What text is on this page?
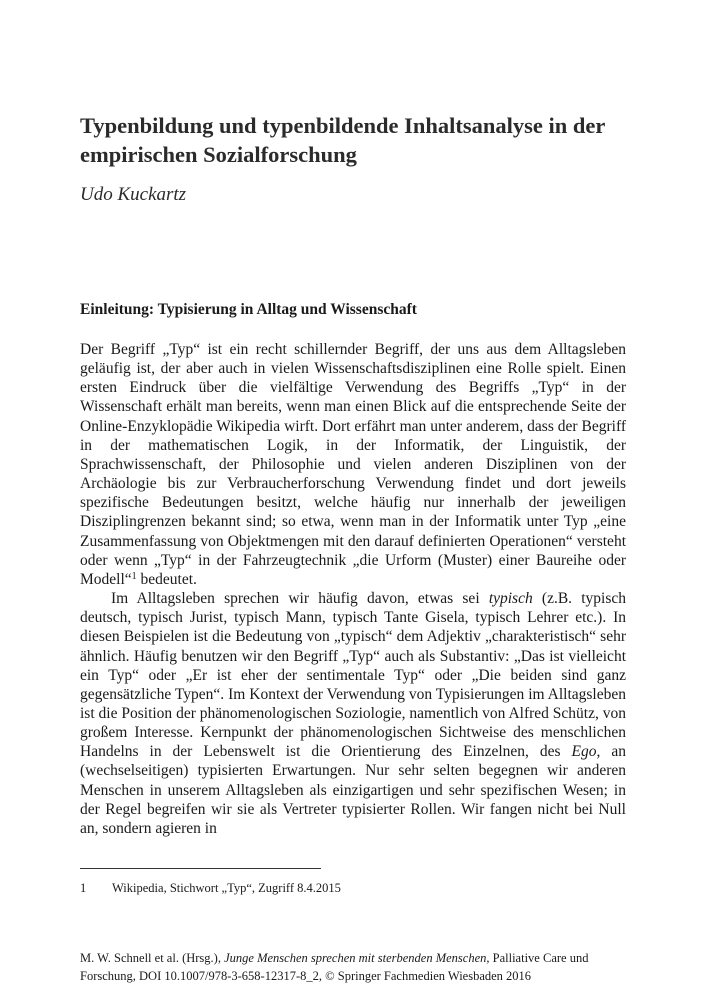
Typenbildung und typenbildende Inhaltsanalyse in der empirischen Sozialforschung

Udo Kuckartz

Einleitung: Typisierung in Alltag und Wissenschaft

Der Begriff „Typ“ ist ein recht schillernder Begriff, der uns aus dem Alltagsleben geläufig ist, der aber auch in vielen Wissenschaftsdisziplinen eine Rolle spielt. Einen ersten Eindruck über die vielfältige Verwendung des Begriffs „Typ“ in der Wissenschaft erhält man bereits, wenn man einen Blick auf die entsprechende Seite der Online-Enzyklopädie Wikipedia wirft. Dort erfährt man unter anderem, dass der Begriff in der mathematischen Logik, in der Informatik, der Linguistik, der Sprachwissenschaft, der Philosophie und vielen anderen Disziplinen von der Archäologie bis zur Verbraucherforschung Verwendung findet und dort jeweils spezifische Bedeutungen besitzt, welche häufig nur innerhalb der jeweiligen Disziplingrenzen bekannt sind; so etwa, wenn man in der Informatik unter Typ „eine Zusammenfassung von Objektmengen mit den darauf definierten Operationen“ versteht oder wenn „Typ“ in der Fahrzeugtechnik „die Urform (Muster) einer Baureihe oder Modell“$^1$ bedeutet.

Im Alltagsleben sprechen wir häufig davon, etwas sei typisch (z.B. typisch deutsch, typisch Jurist, typisch Mann, typisch Tante Gisela, typisch Lehrer etc.). In diesen Beispielen ist die Bedeutung von „typisch“ dem Adjektiv „charakteristisch“ sehr ähnlich. Häufig benutzen wir den Begriff „Typ“ auch als Substantiv: „Das ist vielleicht ein Typ“ oder „Er ist eher der sentimentale Typ“ oder „Die beiden sind ganz gegensätzliche Typen“. Im Kontext der Verwendung von Typisierungen im Alltagsleben ist die Position der phänomenologischen Soziologie, namentlich von Alfred Schütz, von großem Interesse. Kernpunkt der phänomenologischen Sichtweise des menschlichen Handelns in der Lebenswelt ist die Orientierung des Einzelnen, des Ego, an (wechselseitigen) typisierten Erwartungen. Nur sehr selten begegnen wir anderen Menschen in unserem Alltagsleben als einzigartigen und sehr spezifischen Wesen; in der Regel begreifen wir sie als Vertreter typisierter Rollen. Wir fangen nicht bei Null an, sondern agieren in

1 Wikipedia, Stichwort „Typ“, Zugriff 8.4.2015
M. W. Schnell et al. (Hrsg.), Junge Menschen sprechen mit sterbenden Menschen, Palliative Care und Forschung, DOI 10.1007/978-3-658-12317-8_2, © Springer Fachmedien Wiesbaden 2016
